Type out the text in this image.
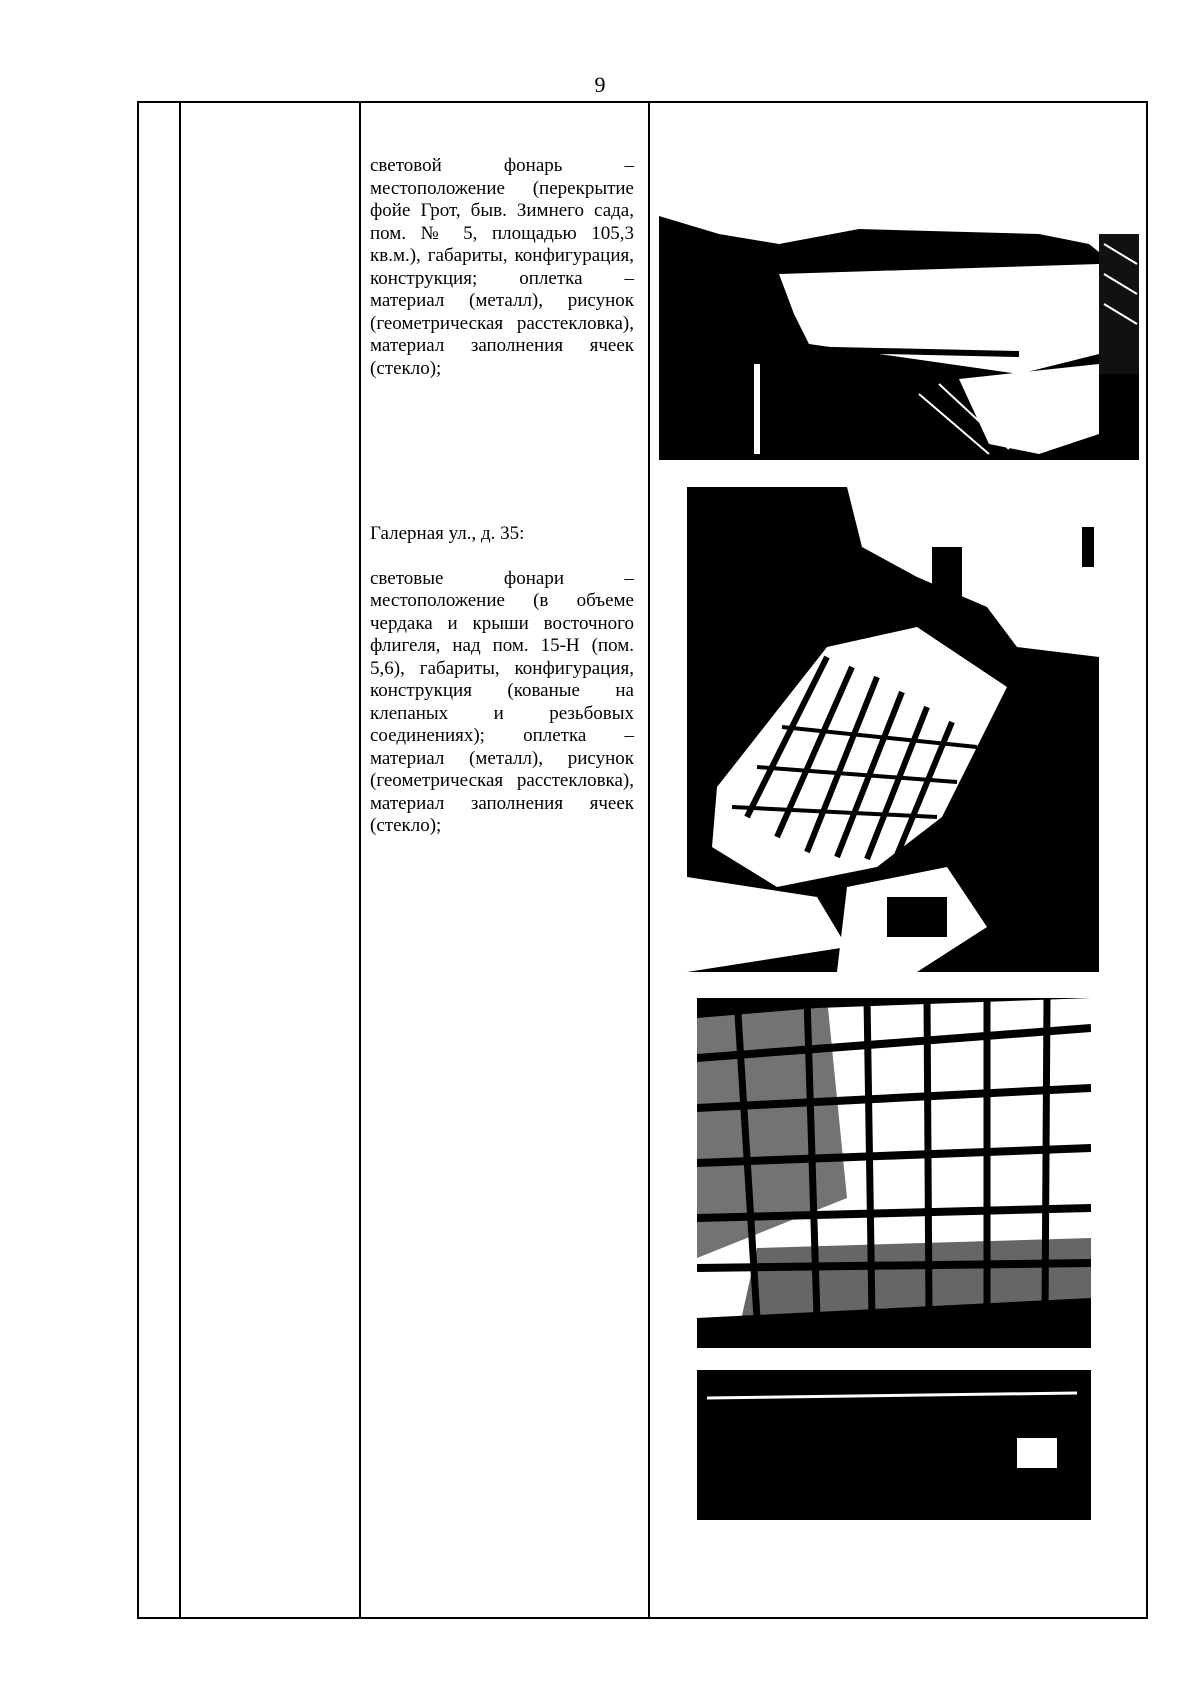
9

световой фонарь – местоположение (перекрытие фойе Грот, быв. Зимнего сада, пом. № 5, площадью 105,3 кв.м.), габариты, конфигурация, конструкция; оплетка – материал (металл), рисунок (геометрическая расстекловка), материал заполнения ячеек (стекло);

Галерная ул., д. 35:

световые фонари – местоположение (в объеме чердака и крыши восточного флигеля, над пом. 15-Н (пом. 5,6), габариты, конфигурация, конструкция (кованые на клепаных и резьбовых соединениях); оплетка – материал (металл), рисунок (геометрическая расстекловка), материал заполнения ячеек (стекло);
